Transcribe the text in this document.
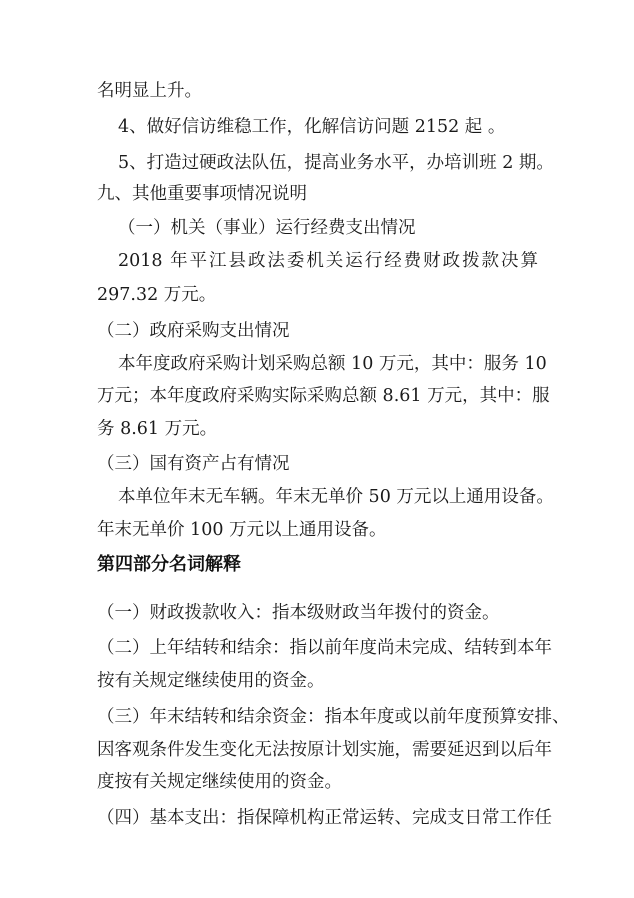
名明显上升。
4、做好信访维稳工作，化解信访问题 2152 起 。
5、打造过硬政法队伍，提高业务水平，办培训班 2 期。
九、其他重要事项情况说明
（一）机关（事业）运行经费支出情况
2018 年平江县政法委机关运行经费财政拨款决算
297.32 万元。
（二）政府采购支出情况
本年度政府采购计划采购总额 10 万元，其中：服务 10
万元；本年度政府采购实际采购总额 8.61 万元，其中：服
务 8.61 万元。
（三）国有资产占有情况
本单位年末无车辆。年末无单价 50 万元以上通用设备。
年末无单价 100 万元以上通用设备。
第四部分名词解释
（一）财政拨款收入：指本级财政当年拨付的资金。
（二）上年结转和结余：指以前年度尚未完成、结转到本年
按有关规定继续使用的资金。
（三）年末结转和结余资金：指本年度或以前年度预算安排、
因客观条件发生变化无法按原计划实施，需要延迟到以后年
度按有关规定继续使用的资金。
（四）基本支出：指保障机构正常运转、完成支日常工作任
